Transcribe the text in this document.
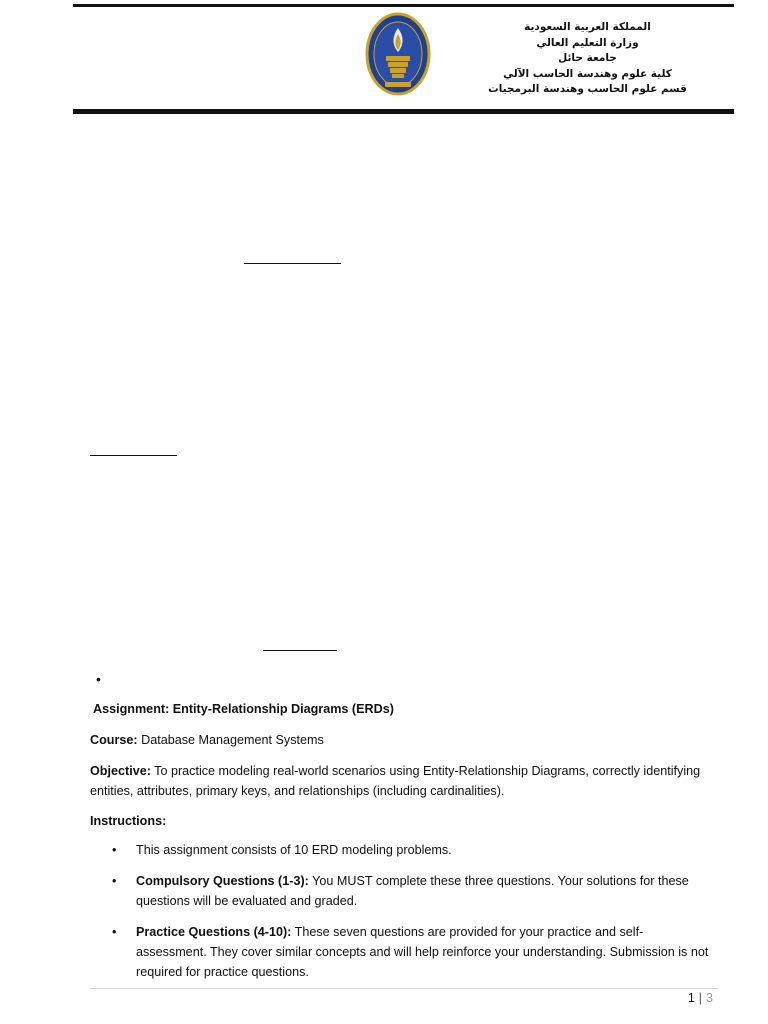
المملكة العربية السعودية
وزارة التعليم العالي
جامعة حائل
كلية علوم وهندسة الحاسب الآلي
قسم علوم الحاسب وهندسة البرمجيات
•

Assignment: Entity-Relationship Diagrams (ERDs)

Course: Database Management Systems

Objective: To practice modeling real-world scenarios using Entity-Relationship Diagrams, correctly identifying entities, attributes, primary keys, and relationships (including cardinalities).

Instructions:

• This assignment consists of 10 ERD modeling problems.
• Compulsory Questions (1-3): You MUST complete these three questions. Your solutions for these questions will be evaluated and graded.
• Practice Questions (4-10): These seven questions are provided for your practice and self-assessment. They cover similar concepts and will help reinforce your understanding. Submission is not required for practice questions.
1 | 3
